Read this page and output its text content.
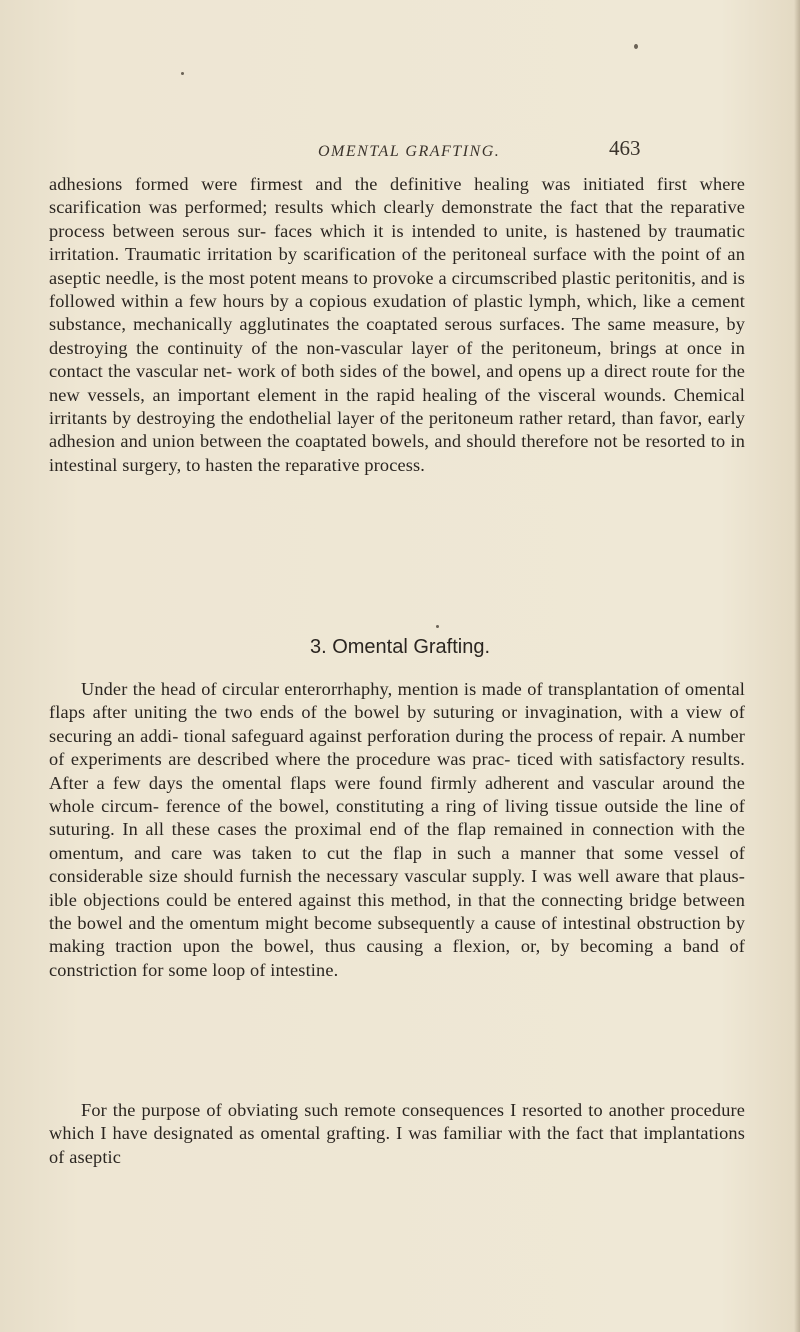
OMENTAL GRAFTING.	463
adhesions formed were firmest and the definitive healing was initiated first where scarification was performed; results which clearly demonstrate the fact that the reparative process between serous sur- faces which it is intended to unite, is hastened by traumatic irritation. Traumatic irritation by scarification of the peritoneal surface with the point of an aseptic needle, is the most potent means to provoke a circumscribed plastic peritonitis, and is followed within a few hours by a copious exudation of plastic lymph, which, like a cement substance, mechanically agglutinates the coaptated serous surfaces. The same measure, by destroying the continuity of the non-vascular layer of the peritoneum, brings at once in contact the vascular net- work of both sides of the bowel, and opens up a direct route for the new vessels, an important element in the rapid healing of the visceral wounds. Chemical irritants by destroying the endothelial layer of the peritoneum rather retard, than favor, early adhesion and union between the coaptated bowels, and should therefore not be resorted to in intestinal surgery, to hasten the reparative process.
3. Omental Grafting.
Under the head of circular enterorrhaphy, mention is made of transplantation of omental flaps after uniting the two ends of the bowel by suturing or invagination, with a view of securing an addi- tional safeguard against perforation during the process of repair. A number of experiments are described where the procedure was prac- ticed with satisfactory results. After a few days the omental flaps were found firmly adherent and vascular around the whole circum- ference of the bowel, constituting a ring of living tissue outside the line of suturing. In all these cases the proximal end of the flap remained in connection with the omentum, and care was taken to cut the flap in such a manner that some vessel of considerable size should furnish the necessary vascular supply. I was well aware that plaus- ible objections could be entered against this method, in that the connecting bridge between the bowel and the omentum might become subsequently a cause of intestinal obstruction by making traction upon the bowel, thus causing a flexion, or, by becoming a band of constriction for some loop of intestine.
For the purpose of obviating such remote consequences I resorted to another procedure which I have designated as omental grafting. I was familiar with the fact that implantations of aseptic
